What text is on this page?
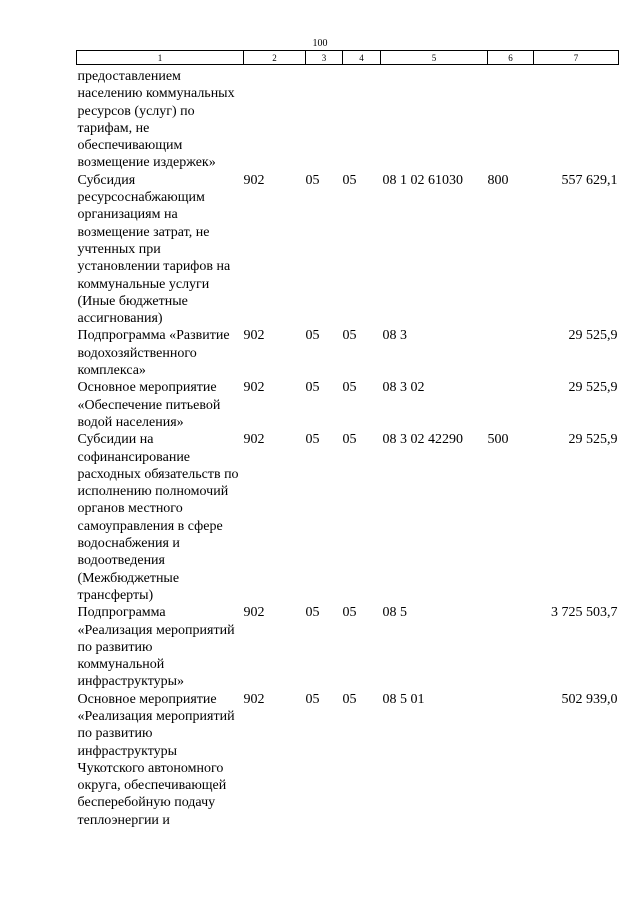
100
1	2	3	4	5	6	7
предоставлением населению коммунальных ресурсов (услуг) по тарифам, не обеспечивающим возмещение издержек»						
Субсидия ресурсоснабжающим организациям на возмещение затрат, не учтенных при установлении тарифов на коммунальные услуги (Иные бюджетные ассигнования)	902	05	05	08 1 02 61030	800	557 629,1
Подпрограмма «Развитие водохозяйственного комплекса»	902	05	05	08 3		29 525,9
Основное мероприятие «Обеспечение питьевой водой населения»	902	05	05	08 3 02		29 525,9
Субсидии на софинансирование расходных обязательств по исполнению полномочий органов местного самоуправления в сфере водоснабжения и водоотведения (Межбюджетные трансферты)	902	05	05	08 3 02 42290	500	29 525,9
Подпрограмма «Реализация мероприятий по развитию коммунальной инфраструктуры»	902	05	05	08 5		3 725 503,7
Основное мероприятие «Реализация мероприятий по развитию инфраструктуры Чукотского автономного округа, обеспечивающей бесперебойную подачу теплоэнергии и	902	05	05	08 5 01		502 939,0
